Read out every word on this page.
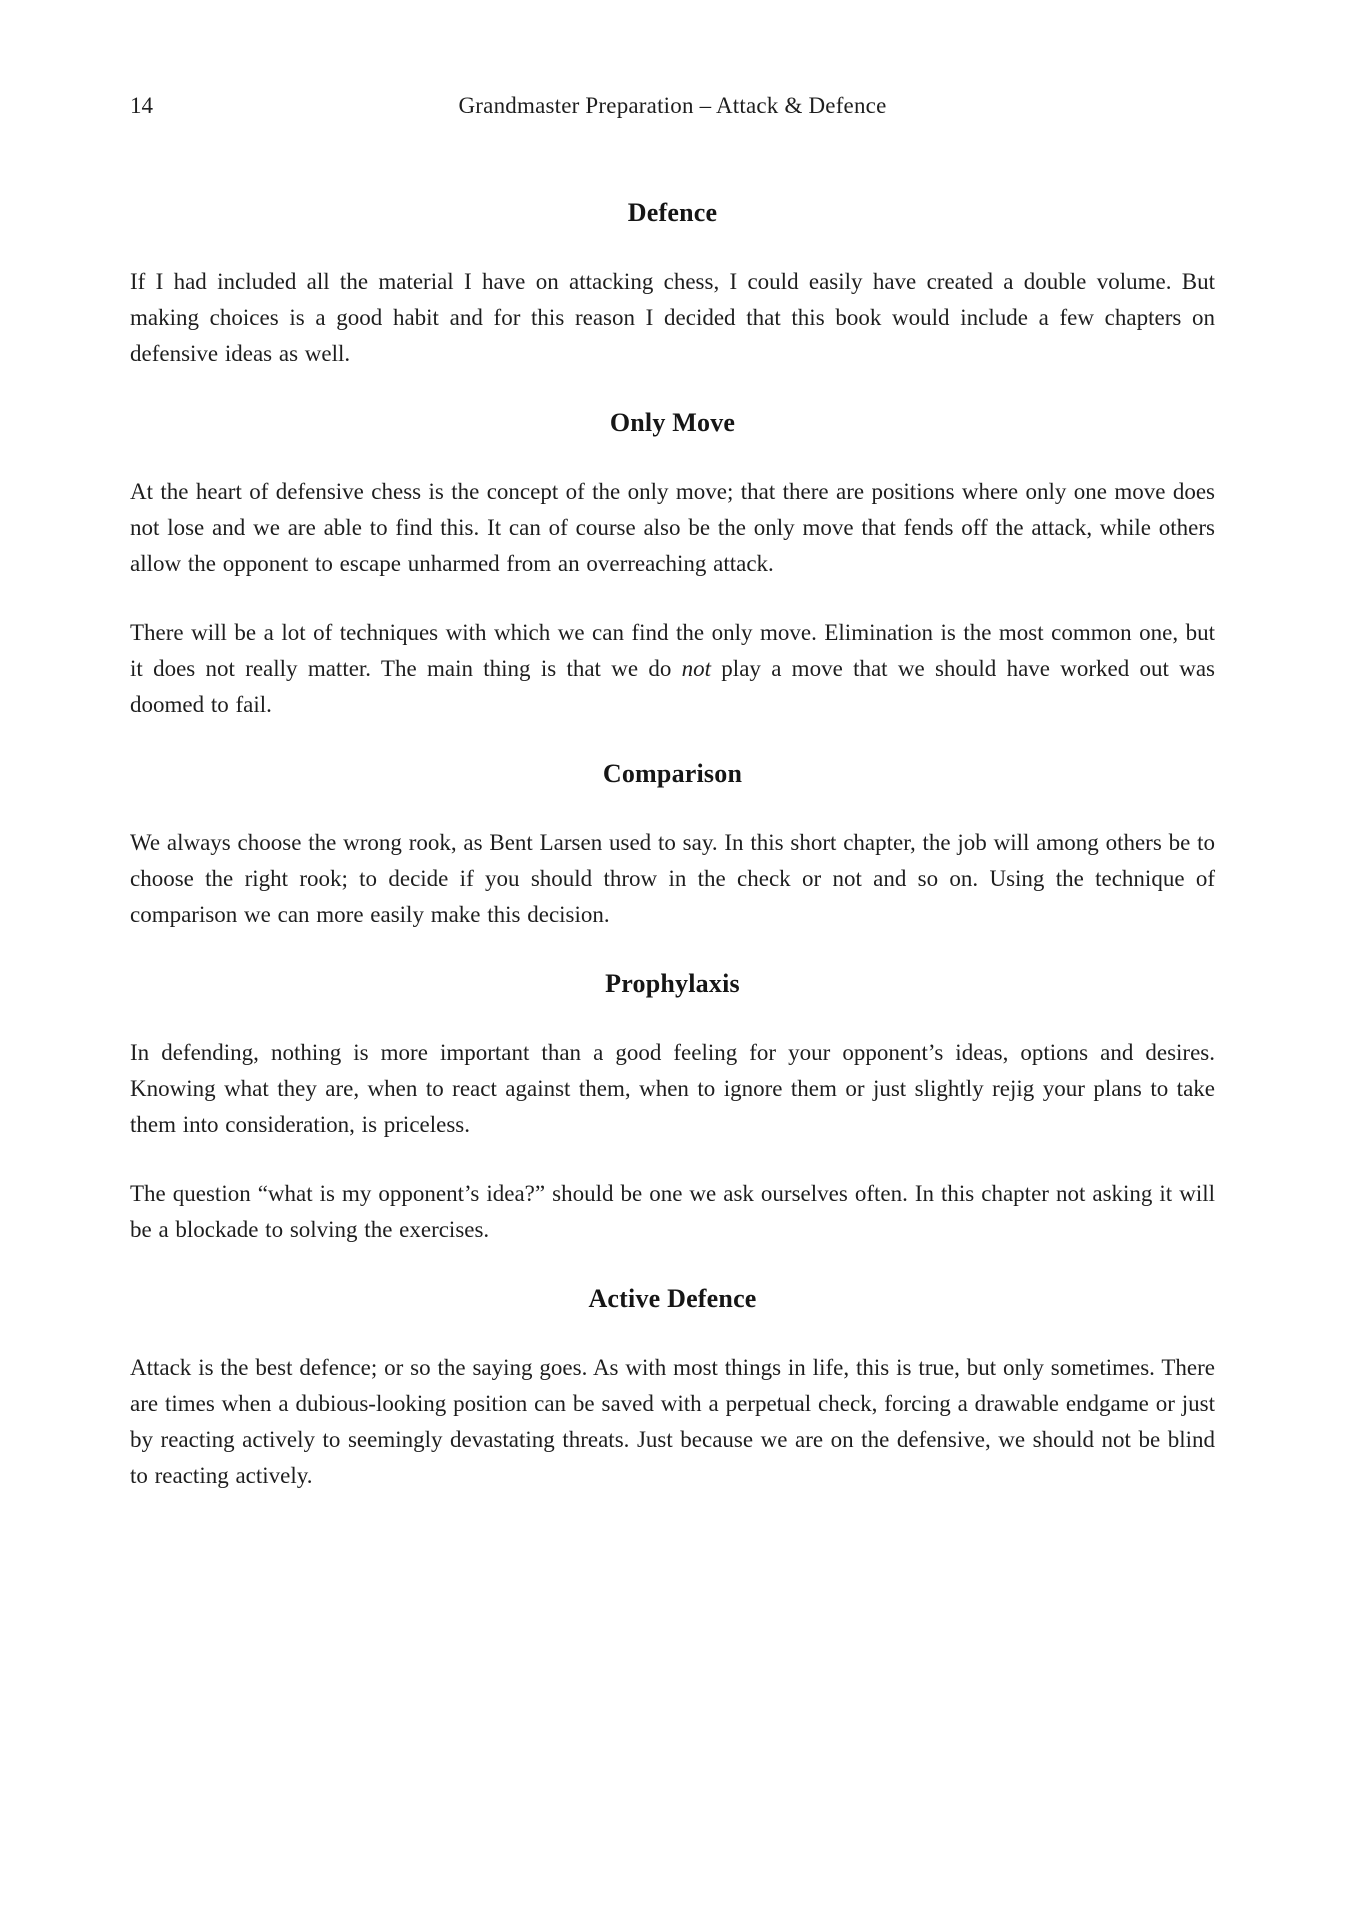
14	Grandmaster Preparation – Attack & Defence
Defence

If I had included all the material I have on attacking chess, I could easily have created a double volume. But making choices is a good habit and for this reason I decided that this book would include a few chapters on defensive ideas as well.

Only Move

At the heart of defensive chess is the concept of the only move; that there are positions where only one move does not lose and we are able to find this. It can of course also be the only move that fends off the attack, while others allow the opponent to escape unharmed from an overreaching attack.

There will be a lot of techniques with which we can find the only move. Elimination is the most common one, but it does not really matter. The main thing is that we do not play a move that we should have worked out was doomed to fail.

Comparison

We always choose the wrong rook, as Bent Larsen used to say. In this short chapter, the job will among others be to choose the right rook; to decide if you should throw in the check or not and so on. Using the technique of comparison we can more easily make this decision.

Prophylaxis

In defending, nothing is more important than a good feeling for your opponent’s ideas, options and desires. Knowing what they are, when to react against them, when to ignore them or just slightly rejig your plans to take them into consideration, is priceless.

The question “what is my opponent’s idea?” should be one we ask ourselves often. In this chapter not asking it will be a blockade to solving the exercises.

Active Defence

Attack is the best defence; or so the saying goes. As with most things in life, this is true, but only sometimes. There are times when a dubious-looking position can be saved with a perpetual check, forcing a drawable endgame or just by reacting actively to seemingly devastating threats. Just because we are on the defensive, we should not be blind to reacting actively.
